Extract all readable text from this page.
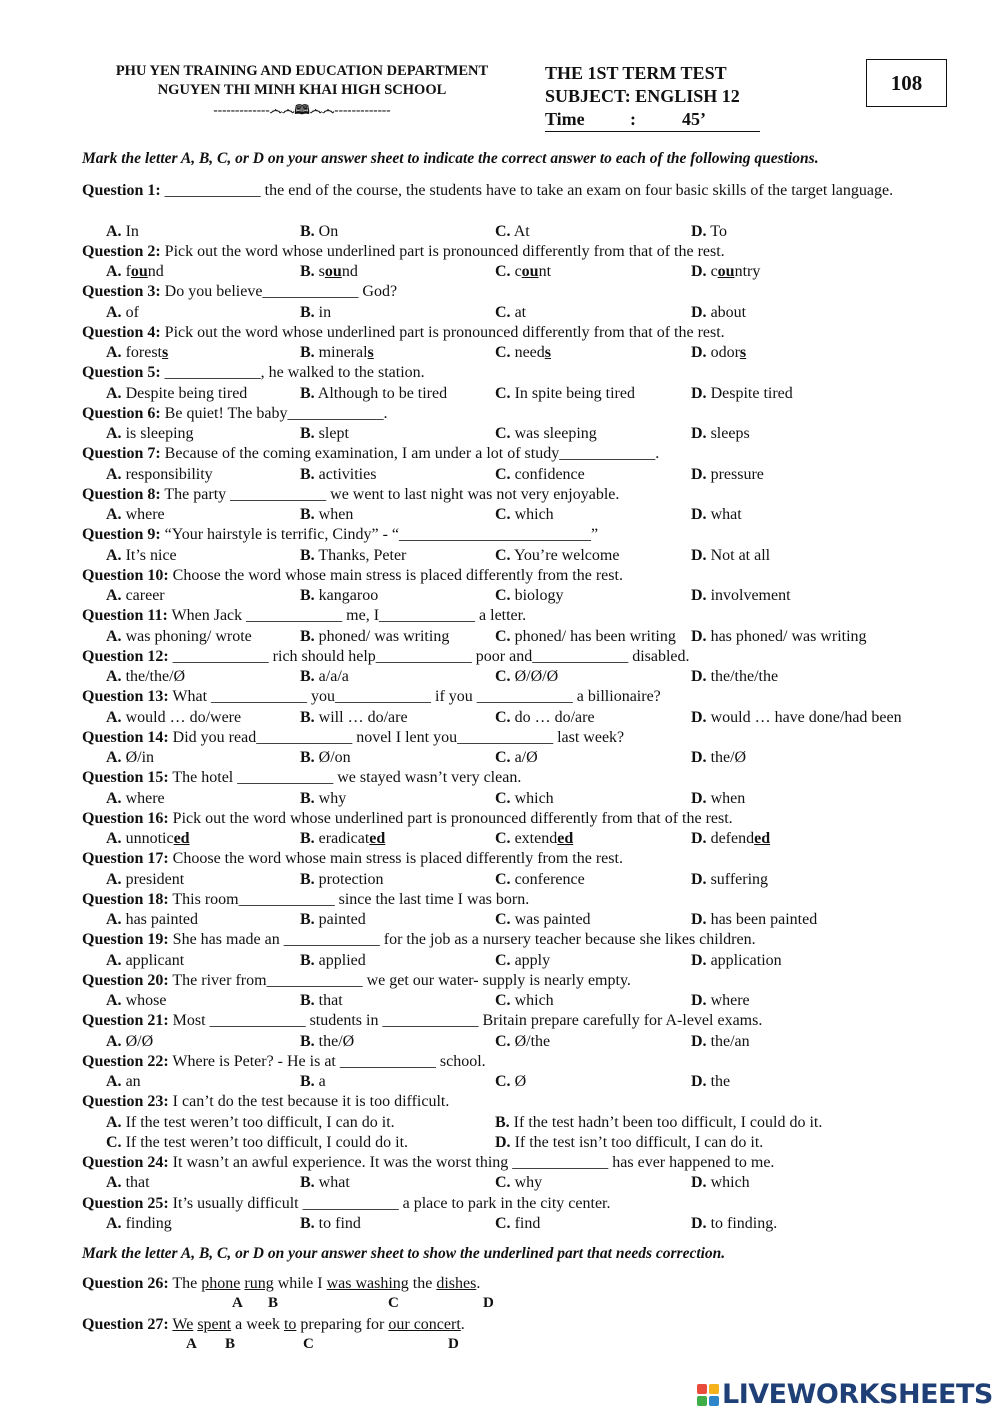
PHU YEN TRAINING AND EDUCATION DEPARTMENT
NGUYEN THI MINH KHAI HIGH SCHOOL
-------------෴෴🕮෴෴-------------
THE 1ST TERM TEST
SUBJECT: ENGLISH 12
Time	:	45’
108
Mark the letter A, B, C, or D on your answer sheet to indicate the correct answer to each of the following questions.
Question 1: ____________ the end of the course, the students have to take an exam on four basic skills of the target language.
A. In	B. On	C. At	D. To
Question 2: Pick out the word whose underlined part is pronounced differently from that of the rest.
A. found	B. sound	C. count	D. country
Question 3: Do you believe____________ God?
A. of	B. in	C. at	D. about
Question 4: Pick out the word whose underlined part is pronounced differently from that of the rest.
A. forests	B. minerals	C. needs	D. odors
Question 5: ____________, he walked to the station.
A. Despite being tired	B. Although to be tired	C. In spite being tired	D. Despite tired
Question 6: Be quiet! The baby____________.
A. is sleeping	B. slept	C. was sleeping	D. sleeps
Question 7: Because of the coming examination, I am under a lot of study____________.
A. responsibility	B. activities	C. confidence	D. pressure
Question 8: The party ____________ we went to last night was not very enjoyable.
A. where	B. when	C. which	D. what
Question 9: “Your hairstyle is terrific, Cindy” - “________________________”
A. It’s nice	B. Thanks, Peter	C. You’re welcome	D. Not at all
Question 10: Choose the word whose main stress is placed differently from the rest.
A. career	B. kangaroo	C. biology	D. involvement
Question 11: When Jack ____________ me, I____________ a letter.
A. was phoning/ wrote	B. phoned/ was writing	C. phoned/ has been writing D. has phoned/ was writing
Question 12: ____________ rich should help____________ poor and____________ disabled.
A. the/the/Ø	B. a/a/a	C. Ø/Ø/Ø	D. the/the/the
Question 13: What ____________ you____________ if you ____________ a billionaire?
A. would … do/were	B. will … do/are	C. do … do/are	D. would … have done/had been
Question 14: Did you read____________ novel I lent you____________ last week?
A. Ø/in	B. Ø/on	C. a/Ø	D. the/Ø
Question 15: The hotel ____________ we stayed wasn’t very clean.
A. where	B. why	C. which	D. when
Question 16: Pick out the word whose underlined part is pronounced differently from that of the rest.
A. unnoticed	B. eradicated	C. extended	D. defended
Question 17: Choose the word whose main stress is placed differently from the rest.
A. president	B. protection	C. conference	D. suffering
Question 18: This room____________ since the last time I was born.
A. has painted	B. painted	C. was painted	D. has been painted
Question 19: She has made an ____________ for the job as a nursery teacher because she likes children.
A. applicant	B. applied	C. apply	D. application
Question 20: The river from____________ we get our water- supply is nearly empty.
A. whose	B. that	C. which	D. where
Question 21: Most ____________ students in ____________ Britain prepare carefully for A-level exams.
A. Ø/Ø	B. the/Ø	C. Ø/the	D. the/an
Question 22: Where is Peter? - He is at ____________ school.
A. an	B. a	C. Ø	D. the
Question 23: I can’t do the test because it is too difficult.
A. If the test weren’t too difficult, I can do it.	B. If the test hadn’t been too difficult, I could do it.
C. If the test weren’t too difficult, I could do it.	D. If the test isn’t too difficult, I can do it.
Question 24: It wasn’t an awful experience. It was the worst thing ____________ has ever happened to me.
A. that	B. what	C. why	D. which
Question 25: It’s usually difficult ____________ a place to park in the city center.
A. finding	B. to find	C. find	D. to finding.
Mark the letter A, B, C, or D on your answer sheet to show the underlined part that needs correction.
Question 26: The phone rung while I was washing the dishes.
A B	C	D
Question 27: We spent a week to preparing for our concert.
A B	C	D
LIVEWORKSHEETS
